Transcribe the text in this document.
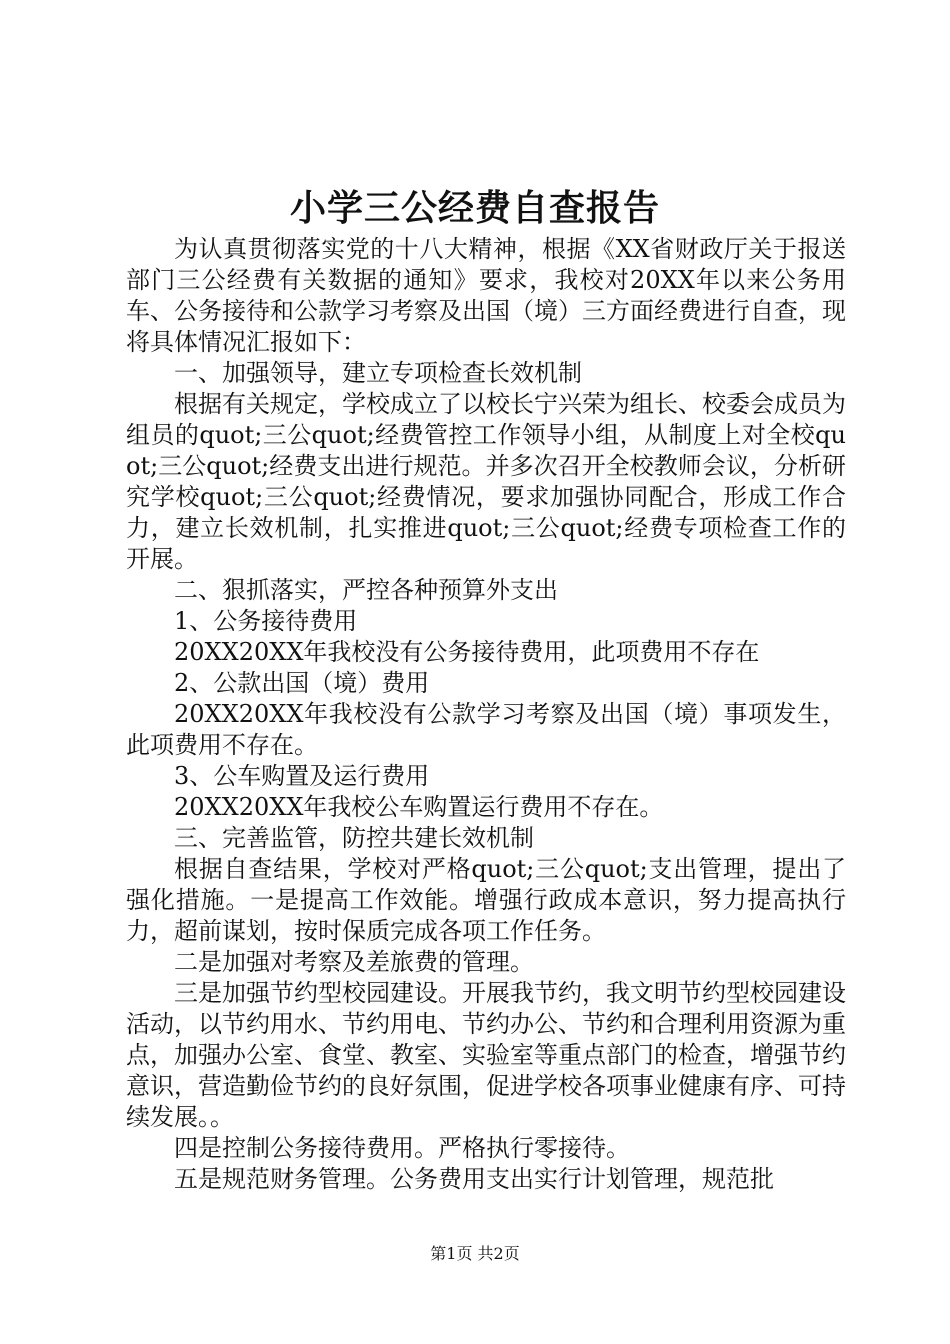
小学三公经费自查报告

为认真贯彻落实党的十八大精神，根据《XX省财政厅关于报送部门三公经费有关数据的通知》要求，我校对20XX年以来公务用车、公务接待和公款学习考察及出国（境）三方面经费进行自查，现将具体情况汇报如下：

一、加强领导，建立专项检查长效机制

根据有关规定，学校成立了以校长宁兴荣为组长、校委会成员为组员的quot;三公quot;经费管控工作领导小组，从制度上对全校quot;三公quot;经费支出进行规范。并多次召开全校教师会议，分析研究学校quot;三公quot;经费情况，要求加强协同配合，形成工作合力，建立长效机制，扎实推进quot;三公quot;经费专项检查工作的开展。

二、狠抓落实，严控各种预算外支出

1、公务接待费用

20XX20XX年我校没有公务接待费用，此项费用不存在

2、公款出国（境）费用

20XX20XX年我校没有公款学习考察及出国（境）事项发生，此项费用不存在。

3、公车购置及运行费用

20XX20XX年我校公车购置运行费用不存在。

三、完善监管，防控共建长效机制

根据自查结果，学校对严格quot;三公quot;支出管理，提出了强化措施。一是提高工作效能。增强行政成本意识，努力提高执行力，超前谋划，按时保质完成各项工作任务。

二是加强对考察及差旅费的管理。

三是加强节约型校园建设。开展我节约，我文明节约型校园建设活动，以节约用水、节约用电、节约办公、节约和合理利用资源为重点，加强办公室、食堂、教室、实验室等重点部门的检查，增强节约意识，营造勤俭节约的良好氛围，促进学校各项事业健康有序、可持续发展。。

四是控制公务接待费用。严格执行零接待。

五是规范财务管理。公务费用支出实行计划管理，规范批

第1页 共2页
